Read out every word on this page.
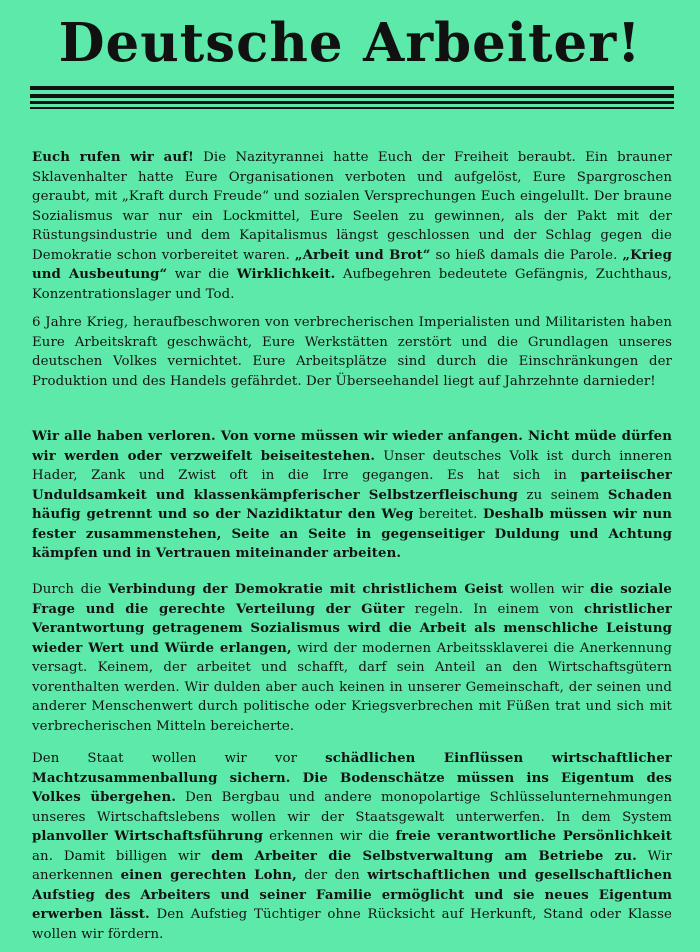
Deutsche Arbeiter!

Euch rufen wir auf! Die Nazityrannei hatte Euch der Freiheit beraubt. Ein brauner Sklavenhalter hatte Eure Organisationen verboten und aufgelöst, Eure Spargroschen geraubt, mit „Kraft durch Freude“ und sozialen Versprechungen Euch eingelullt. Der braune Sozialismus war nur ein Lockmittel, Eure Seelen zu gewinnen, als der Pakt mit der Rüstungsindustrie und dem Kapitalismus längst geschlossen und der Schlag gegen die Demokratie schon vorbereitet waren. „Arbeit und Brot“ so hieß damals die Parole. „Krieg und Ausbeutung“ war die Wirklichkeit. Aufbegehren bedeutete Gefängnis, Zuchthaus, Konzentrationslager und Tod.

6 Jahre Krieg, heraufbeschworen von verbrecherischen Imperialisten und Militaristen haben Eure Arbeitskraft geschwächt, Eure Werkstätten zerstört und die Grundlagen unseres deutschen Volkes vernichtet. Eure Arbeitsplätze sind durch die Einschränkungen der Produktion und des Handels gefährdet. Der Überseehandel liegt auf Jahrzehnte darnieder!

Wir alle haben verloren. Von vorne müssen wir wieder anfangen. Nicht müde dürfen wir werden oder verzweifelt beiseitestehen. Unser deutsches Volk ist durch inneren Hader, Zank und Zwist oft in die Irre gegangen. Es hat sich in parteiischer Unduldsamkeit und klassenkämpferischer Selbstzerfleischung zu seinem Schaden häufig getrennt und so der Nazidiktatur den Weg bereitet. Deshalb müssen wir nun fester zusammenstehen, Seite an Seite in gegenseitiger Duldung und Achtung kämpfen und in Vertrauen miteinander arbeiten.

Durch die Verbindung der Demokratie mit christlichem Geist wollen wir die soziale Frage und die gerechte Verteilung der Güter regeln. In einem von christlicher Verantwortung getragenem Sozialismus wird die Arbeit als menschliche Leistung wieder Wert und Würde erlangen, wird der modernen Arbeitssklaverei die Anerkennung versagt. Keinem, der arbeitet und schafft, darf sein Anteil an den Wirtschaftsgütern vorenthalten werden. Wir dulden aber auch keinen in unserer Gemeinschaft, der seinen und anderer Menschenwert durch politische oder Kriegsverbrechen mit Füßen trat und sich mit verbrecherischen Mitteln bereicherte.

Den Staat wollen wir vor schädlichen Einflüssen wirtschaftlicher Machtzusammenballung sichern. Die Bodenschätze müssen ins Eigentum des Volkes übergehen. Den Bergbau und andere monopolartige Schlüsselunternehmungen unseres Wirtschaftslebens wollen wir der Staatsgewalt unterwerfen. In dem System planvoller Wirtschaftsführung erkennen wir die freie verantwortliche Persönlichkeit an. Damit billigen wir dem Arbeiter die Selbstverwaltung am Betriebe zu. Wir anerkennen einen gerechten Lohn, der den wirtschaftlichen und gesellschaftlichen Aufstieg des Arbeiters und seiner Familie ermöglicht und sie neues Eigentum erwerben lässt. Den Aufstieg Tüchtiger ohne Rücksicht auf Herkunft, Stand oder Klasse wollen wir fördern.
